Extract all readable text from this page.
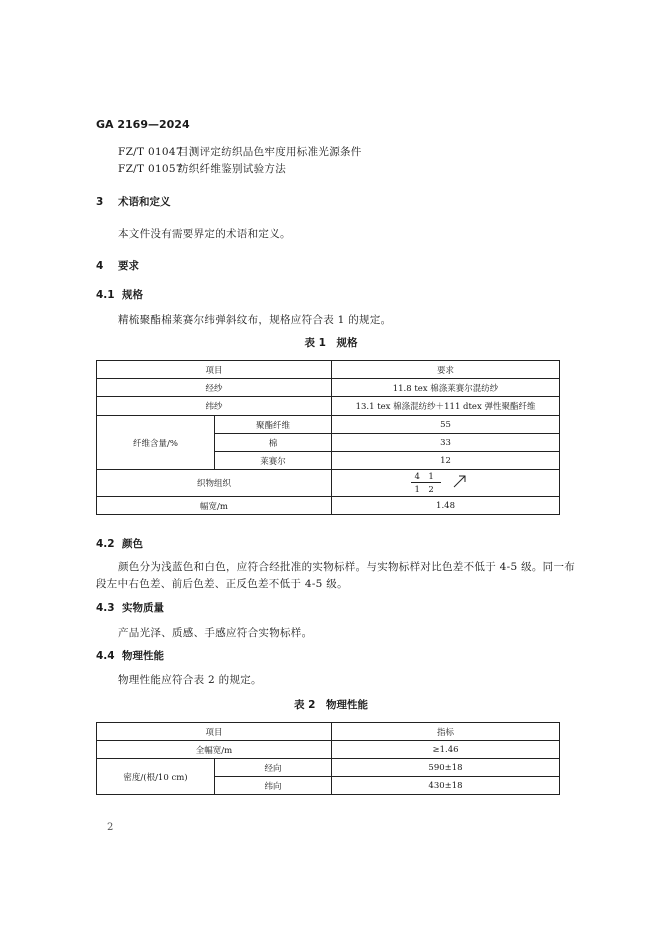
GA 2169—2024
FZ/T 01047目测评定纺织品色牢度用标准光源条件
FZ/T 01057纺织纤维鉴别试验方法
3 术语和定义
本文件没有需要界定的术语和定义。
4 要求
4.1 规格
精梳聚酯棉莱赛尔纬弹斜纹布，规格应符合表 1 的规定。
表 1　规格
项目		要求
经纱		11.8 tex 棉涤莱赛尔混纺纱
纬纱		13.1 tex 棉涤混纺纱＋111 dtex 弹性聚酯纤维
纤维含量/%	聚酯纤维	55
	棉	33
	莱赛尔	12
织物组织		$\frac{4 1}{1 2}$

幅宽/m		1.48
4.2 颜色
颜色分为浅蓝色和白色，应符合经批准的实物标样。与实物标样对比色差不低于 4-5 级。同一布
段左中右色差、前后色差、正反色差不低于 4-5 级。
4.3 实物质量
产品光泽、质感、手感应符合实物标样。
4.4 物理性能
物理性能应符合表 2 的规定。
表 2　物理性能
项目		指标
全幅宽/m		≥1.46
密度/(根/10 cm)	经向	590±18
	纬向	430±18
2
